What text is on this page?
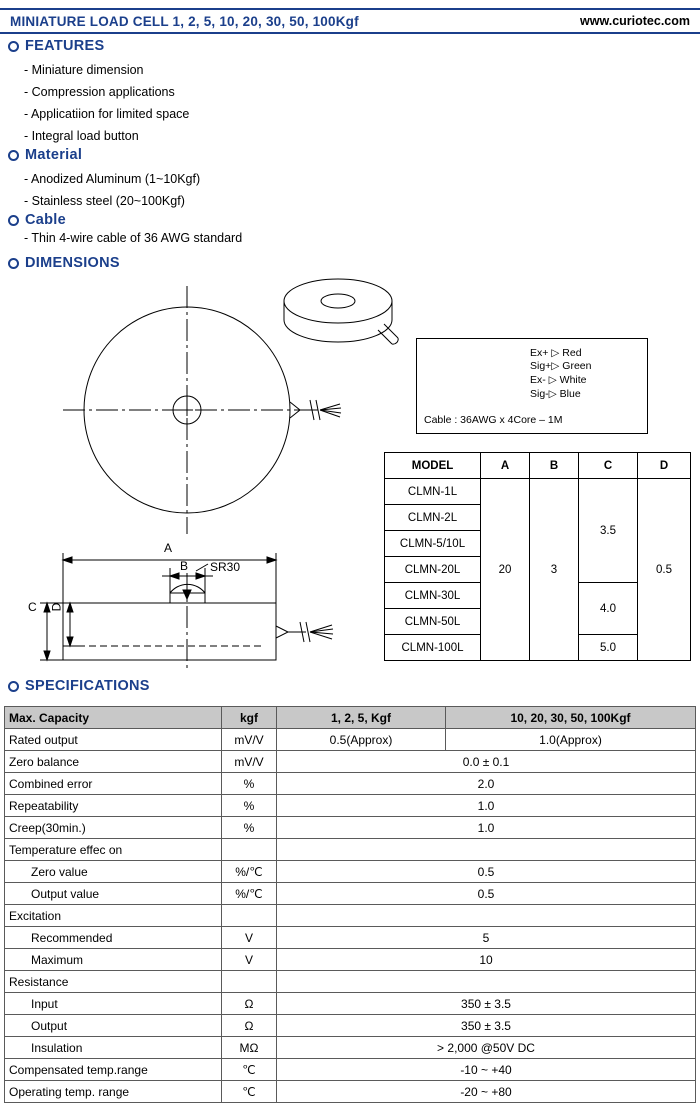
MINIATURE LOAD CELL 1, 2, 5, 10, 20, 30, 50, 100Kgf	www.curiotec.com
FEATURES
- Miniature dimension
- Compression applications
- Applicatiion for limited space
- Integral load button
Material
- Anodized Aluminum (1~10Kgf)
- Stainless steel (20~100Kgf)
Cable
- Thin 4-wire cable of 36 AWG standard
DIMENSIONS
Ex+ ▷ Red
Sig+▷ Green
Ex- ▷ White
Sig-▷ Blue
Cable : 36AWG x 4Core – 1M
A
B SR30
C D
MODEL	A	B	C	D
CLMN-1L	20	3	3.5	0.5
CLMN-2L				
CLMN-5/10L				
CLMN-20L				
CLMN-30L			4.0	
CLMN-50L				
CLMN-100L			5.0	
SPECIFICATIONS
Max. Capacity	kgf	1, 2, 5, Kgf	10, 20, 30, 50, 100Kgf
Rated output	mV/V	0.5(Approx)	1.0(Approx)
Zero balance	mV/V	0.0 ± 0.1	
Combined error	%	2.0	
Repeatability	%	1.0	
Creep(30min.)	%	1.0	
Temperature effec on			
Zero value	%/℃	0.5	
Output value	%/℃	0.5	
Excitation			
Recommended	V	5	
Maximum	V	10	
Resistance			
Input	Ω	350 ± 3.5	
Output	Ω	350 ± 3.5	
Insulation	MΩ	> 2,000 @50V DC	
Compensated temp.range	℃	-10 ~ +40	
Operating temp. range	℃	-20 ~ +80	
